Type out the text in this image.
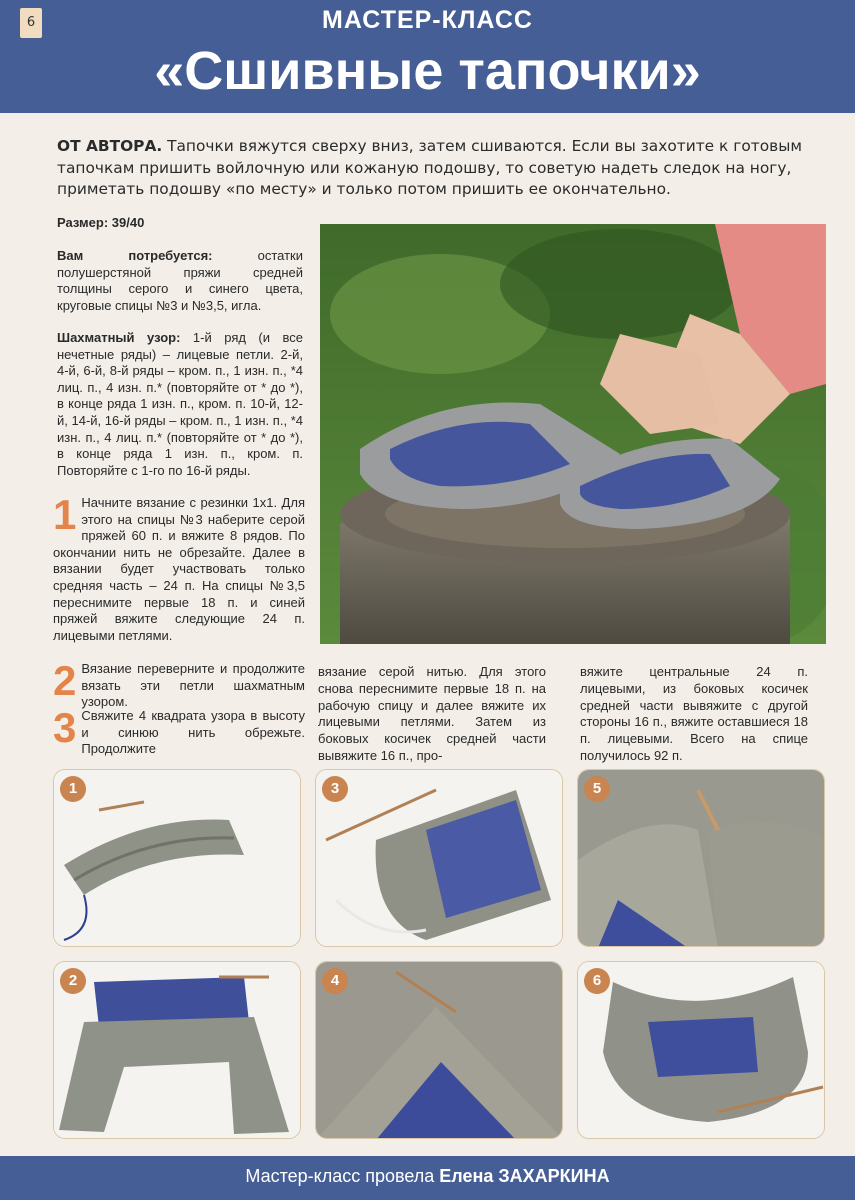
6	МАСТЕР-КЛАСС
«Сшивные тапочки»
ОТ АВТОРА. Тапочки вяжутся сверху вниз, затем сшиваются. Если вы захотите к готовым тапочкам пришить войлочную или кожаную подошву, то советую надеть следок на ногу, приметать подошву «по месту» и только потом пришить ее окончательно.
Размер: 39/40
Вам потребуется: остатки полушерстяной пряжи средней толщины серого и синего цвета, круговые спицы №3 и №3,5, игла.
Шахматный узор: 1-й ряд (и все нечетные ряды) – лицевые петли. 2-й, 4-й, 6-й, 8-й ряды – кром. п., 1 изн. п., *4 лиц. п., 4 изн. п.* (повторяйте от * до *), в конце ряда 1 изн. п., кром. п. 10-й, 12-й, 14-й, 16-й ряды – кром. п., 1 изн. п., *4 изн. п., 4 лиц. п.* (повторяйте от * до *), в конце ряда 1 изн. п., кром. п. Повторяйте с 1-го по 16-й ряды.
1 Начните вязание с резинки 1х1. Для этого на спицы №3 наберите серой пряжей 60 п. и вяжите 8 рядов. По окончании нить не обрезайте. Далее в вязании будет участвовать только средняя часть – 24 п. На спицы №3,5 переснимите первые 18 п. и синей пряжей вяжите следующие 24 п. лицевыми петлями.
2 Вязание переверните и продолжите вязать эти петли шахматным узором.
3 Свяжите 4 квадрата узора в высоту и синюю нить обрежьте. Продолжите
вязание серой нитью. Для этого снова переснимите первые 18 п. на рабочую спицу и далее вяжите их лицевыми петлями. Затем из боковых косичек средней части вывяжите 16 п., про-
вяжите центральные 24 п. лицевыми, из боковых косичек средней части вывяжите с другой стороны 16 п., вяжите оставшиеся 18 п. лицевыми. Всего на спице получилось 92 п.
1	3	5
2	4	6
Мастер-класс провела Елена ЗАХАРКИНА
